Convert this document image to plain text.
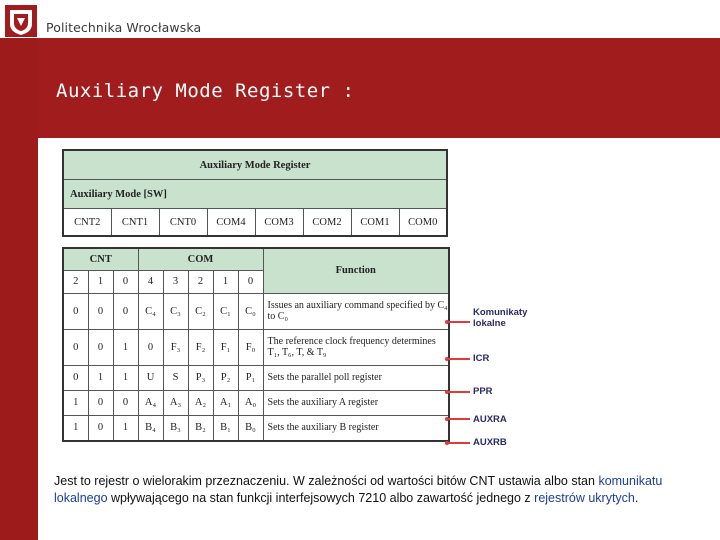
Politechnika Wrocławska
Auxiliary Mode Register :
Auxiliary Mode Register
Auxiliary Mode [SW]
CNT2	CNT1	CNT0	COM4	COM3	COM2	COM1	COM0
CNT			COM					Function
2	1	0	4	3	2	1	0	
0	0	0	C₄	C₃	C₂	C₁	C₀	Issues an auxiliary command specified by C₄ to C₀
0	0	1	0	F₃	F₂	F₁	F₀	The reference clock frequency determines T₁, T₆, T, & T₉
0	1	1	U	S	P₃	P₂	P₁	Sets the parallel poll register
1	0	0	A₄	A₃	A₂	A₁	A₀	Sets the auxiliary A register
1	0	1	B₄	B₃	B₂	B₁	B₀	Sets the auxiliary B register
Komunikaty lokalne
ICR
PPR
AUXRA
AUXRB
Jest to rejestr o wielorakim przeznaczeniu. W zależności od wartości bitów CNT ustawia albo stan komunikatu lokalnego wpływającego na stan funkcji interfejsowych 7210 albo zawartość jednego z rejestrów ukrytych.
